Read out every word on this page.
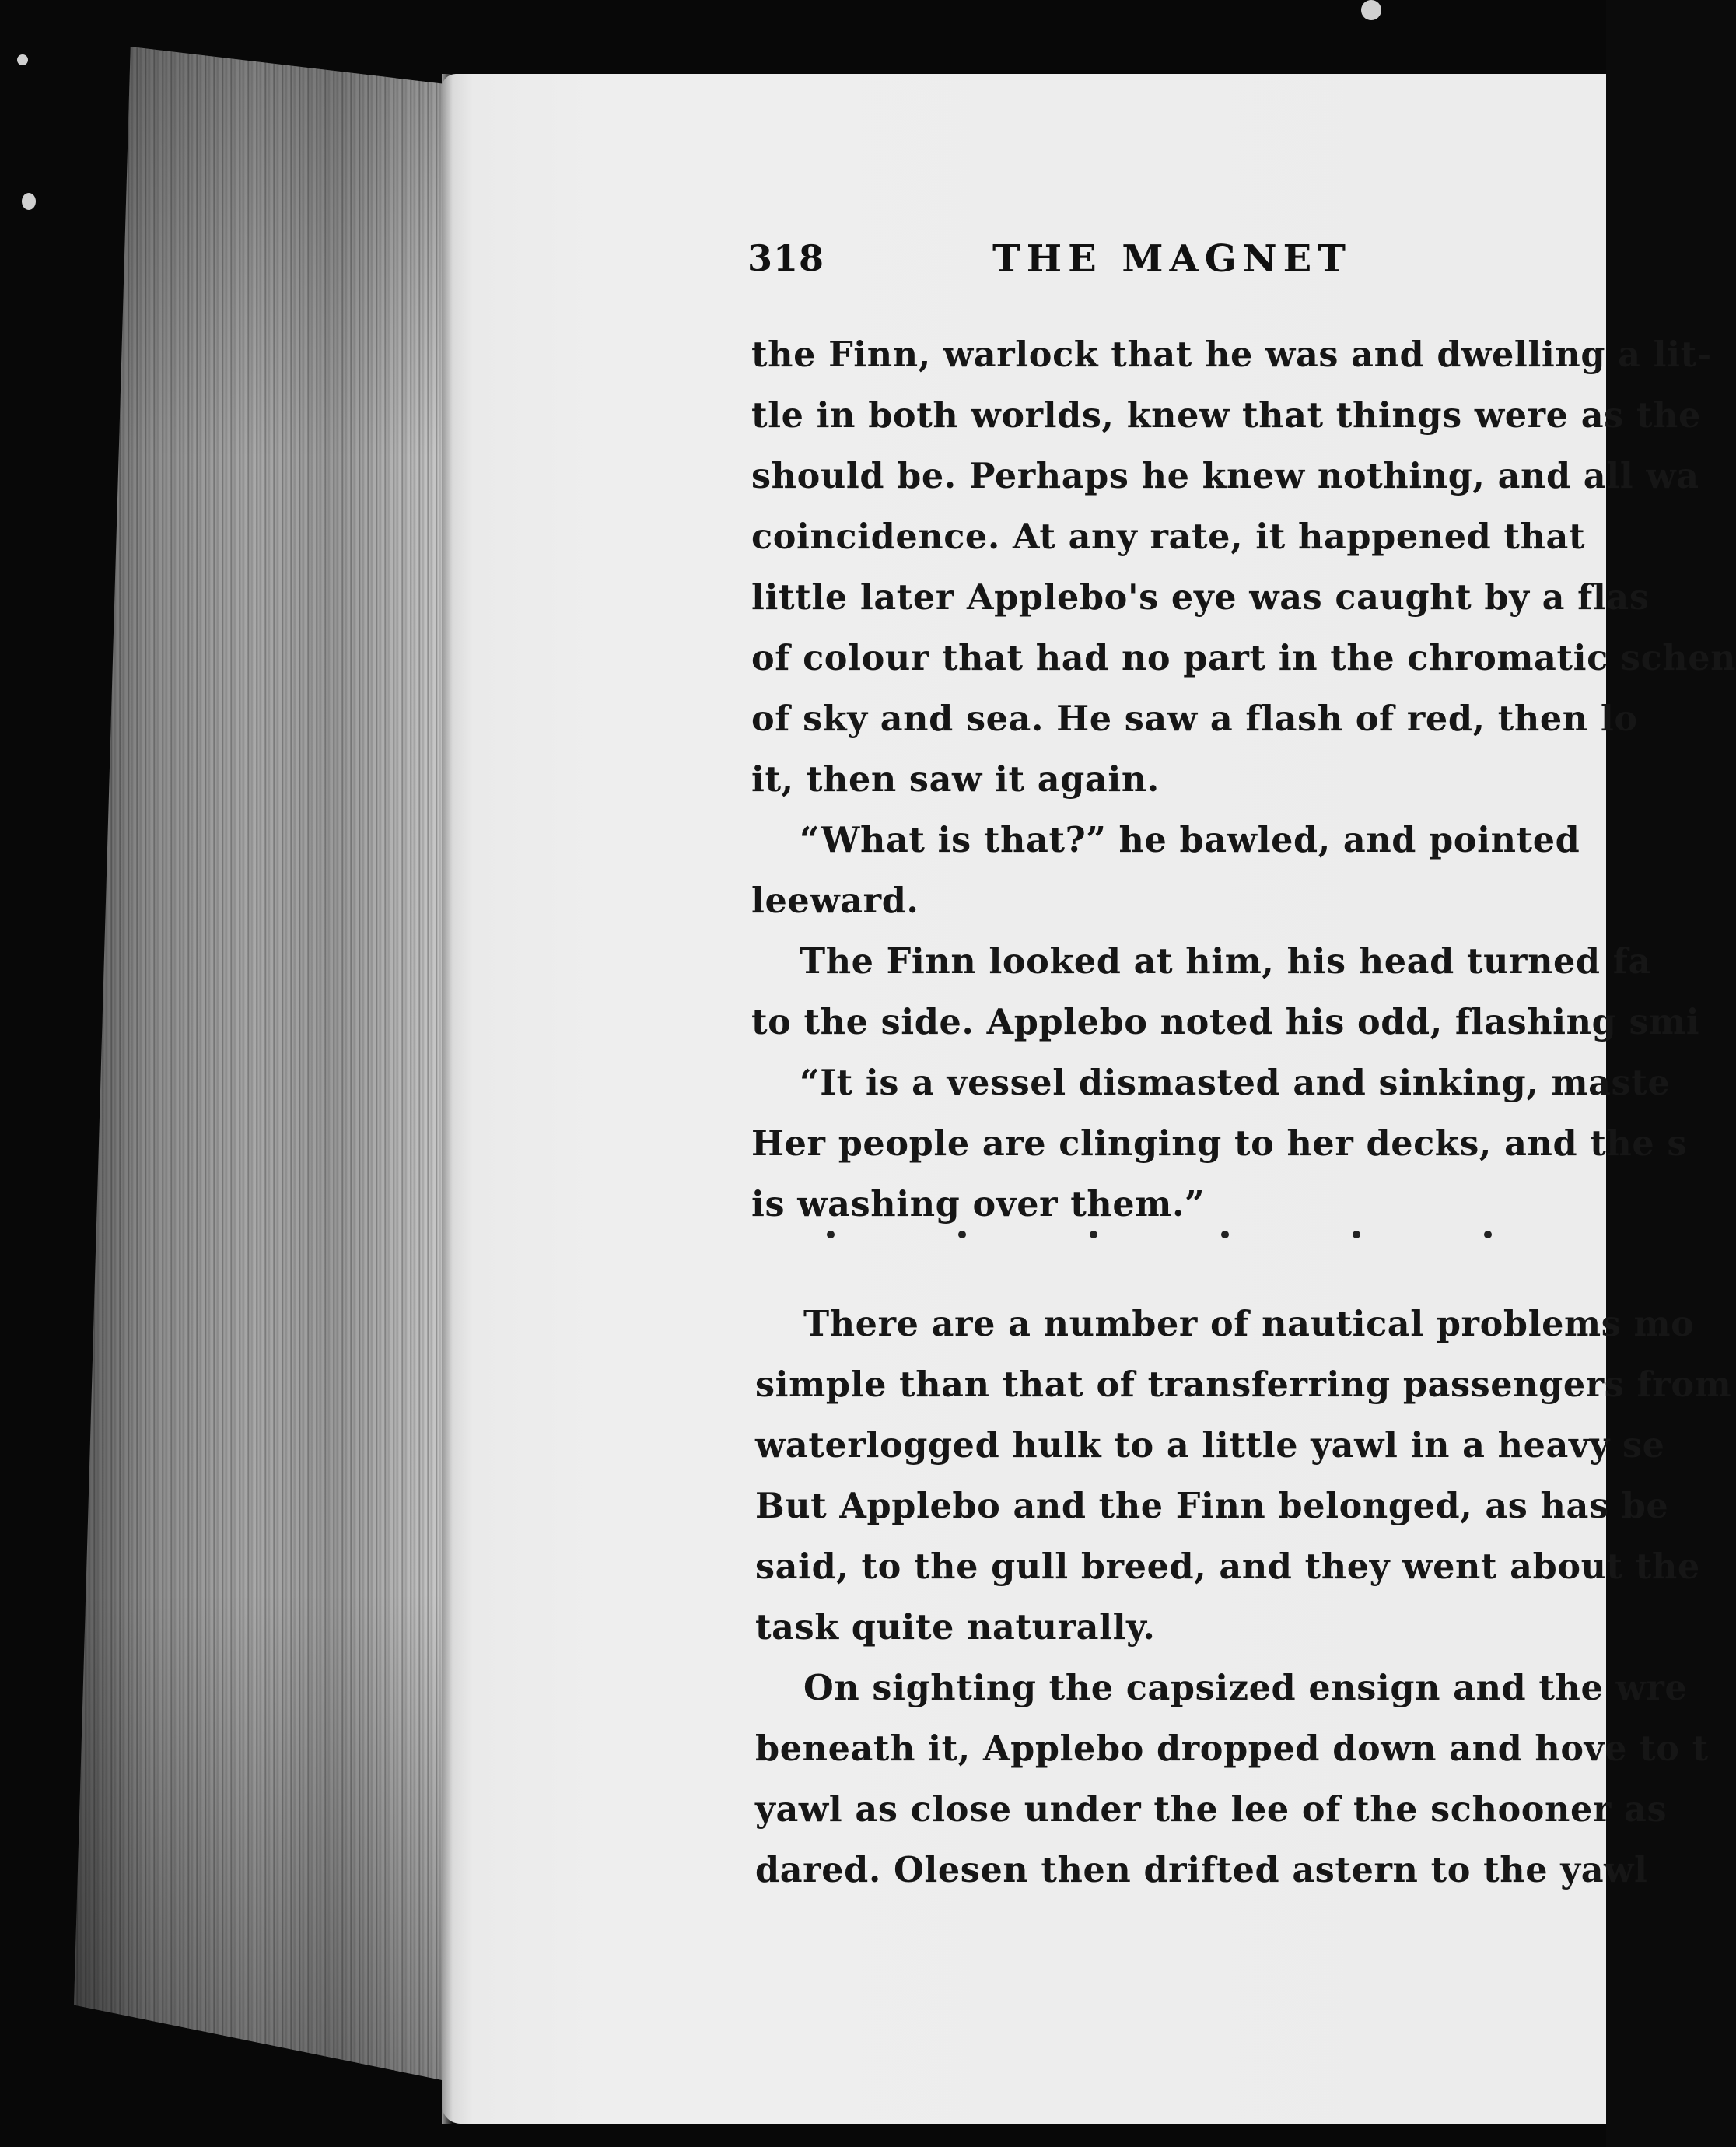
318	THE MAGNET
the Finn, warlock that he was and dwelling a lit-
tle in both worlds, knew that things were as the
should be. Perhaps he knew nothing, and all wa
coincidence. At any rate, it happened that
little later Applebo's eye was caught by a flas
of colour that had no part in the chromatic schen
of sky and sea. He saw a flash of red, then lo
it, then saw it again.
“What is that?” he bawled, and pointed
leeward.
The Finn looked at him, his head turned fa
to the side. Applebo noted his odd, flashing smi
“It is a vessel dismasted and sinking, maste
Her people are clinging to her decks, and the s
is washing over them.”

There are a number of nautical problems mo
simple than that of transferring passengers from
waterlogged hulk to a little yawl in a heavy se
But Applebo and the Finn belonged, as has be
said, to the gull breed, and they went about the
task quite naturally.
On sighting the capsized ensign and the wre
beneath it, Applebo dropped down and hove to t
yawl as close under the lee of the schooner as
dared. Olesen then drifted astern to the yawl
